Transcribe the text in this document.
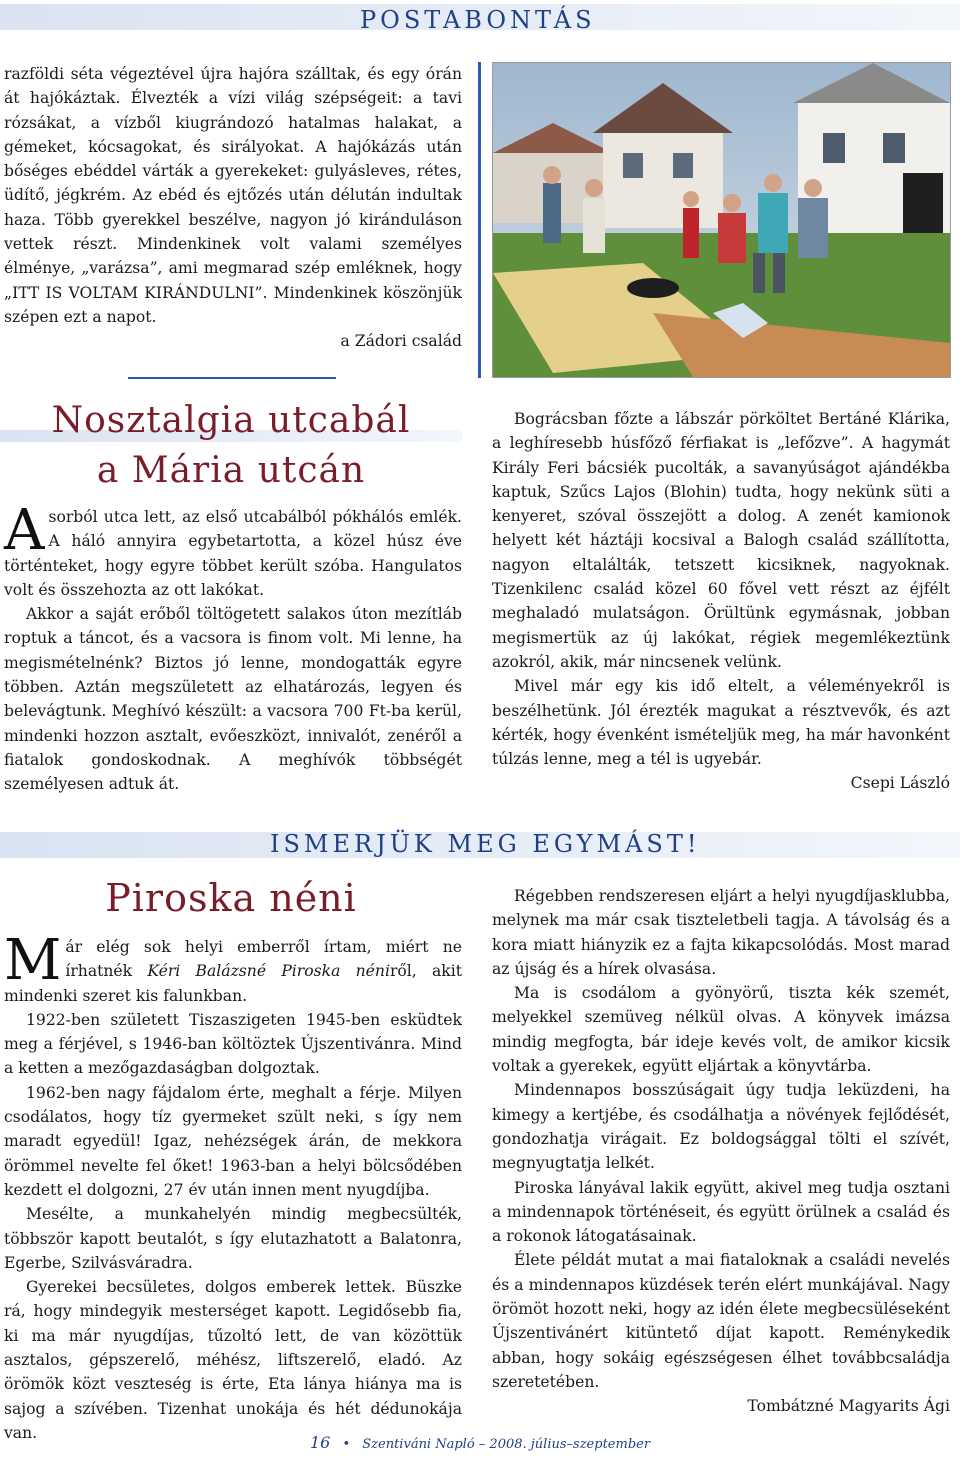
POSTABONTÁS

razföldi séta végeztével újra hajóra szálltak, és egy órán át hajókáztak. Élvezték a vízi világ szépségeit: a tavi rózsákat, a vízből kiugrándozó hatalmas halakat, a gémeket, kócsagokat, és sirályokat. A hajókázás után bőséges ebéddel várták a gyerekeket: gulyásleves, rétes, üdítő, jégkrém. Az ebéd és ejtőzés után délután indultak haza. Több gyerekkel beszélve, nagyon jó kiránduláson vettek részt. Mindenkinek volt valami személyes élménye, „varázsa”, ami megmarad szép emléknek, hogy „ITT IS VOLTAM KIRÁNDULNI”. Mindenkinek köszönjük szépen ezt a napot.

a Zádori család

Nosztalgia utcabál
a Mária utcán

Asorból utca lett, az első utcabálból pókhálós emlék. A háló annyira egybetartotta, a közel húsz éve történteket, hogy egyre többet került szóba. Hangulatos volt és összehozta az ott lakókat.

Akkor a saját erőből töltögetett salakos úton mezítláb roptuk a táncot, és a vacsora is finom volt. Mi lenne, ha megismételnénk? Biztos jó lenne, mondogatták egyre többen. Aztán megszületett az elhatározás, legyen és belevágtunk. Meghívó készült: a vacsora 700 Ft-ba kerül, mindenki hozzon asztalt, evőeszközt, innivalót, zenéről a fiatalok gondoskodnak. A meghívók többségét személyesen adtuk át.

Bográcsban főzte a lábszár pörköltet Bertáné Klárika, a leghíresebb húsfőző férfiakat is „lefőzve”. A hagymát Király Feri bácsiék pucolták, a savanyúságot ajándékba kaptuk, Szűcs Lajos (Blohin) tudta, hogy nekünk süti a kenyeret, szóval összejött a dolog. A zenét kamionok helyett két háztáji kocsival a Balogh család szállította, nagyon eltalálták, tetszett kicsiknek, nagyoknak. Tizenkilenc család közel 60 fővel vett részt az éjfélt meghaladó mulatságon. Örültünk egymásnak, jobban megismertük az új lakókat, régiek megemlékeztünk azokról, akik, már nincsenek velünk.

Mivel már egy kis idő eltelt, a véleményekről is beszélhetünk. Jól érezték magukat a résztvevők, és azt kérték, hogy évenként ismételjük meg, ha már havonként túlzás lenne, meg a tél is ugyebár.

Csepi László

ISMERJÜK MEG EGYMÁST!
Piroska néni

Már elég sok helyi emberről írtam, miért ne írhatnék Kéri Balázsné Piroska néniről, akit mindenki szeret kis falunkban.

1922-ben született Tiszaszigeten 1945-ben esküdtek meg a férjével, s 1946-ban költöztek Újszentivánra. Mind a ketten a mezőgazdaságban dolgoztak.

1962-ben nagy fájdalom érte, meghalt a férje. Milyen csodálatos, hogy tíz gyermeket szült neki, s így nem maradt egyedül! Igaz, nehézségek árán, de mekkora örömmel nevelte fel őket! 1963-ban a helyi bölcsődében kezdett el dolgozni, 27 év után innen ment nyugdíjba.

Mesélte, a munkahelyén mindig megbecsülték, többször kapott beutalót, s így elutazhatott a Balatonra, Egerbe, Szilvásváradra.

Gyerekei becsületes, dolgos emberek lettek. Büszke rá, hogy mindegyik mesterséget kapott. Legidősebb fia, ki ma már nyugdíjas, tűzoltó lett, de van közöttük asztalos, gépszerelő, méhész, liftszerelő, eladó. Az örömök közt veszteség is érte, Eta lánya hiánya ma is sajog a szívében. Tizenhat unokája és hét dédunokája van.

Régebben rendszeresen eljárt a helyi nyugdíjasklubba, melynek ma már csak tiszteletbeli tagja. A távolság és a kora miatt hiányzik ez a fajta kikapcsolódás. Most marad az újság és a hírek olvasása.

Ma is csodálom a gyönyörű, tiszta kék szemét, melyekkel szemüveg nélkül olvas. A könyvek imázsa mindig megfogta, bár ideje kevés volt, de amikor kicsik voltak a gyerekek, együtt eljártak a könyvtárba.

Mindennapos bosszúságait úgy tudja leküzdeni, ha kimegy a kertjébe, és csodálhatja a növények fejlődését, gondozhatja virágait. Ez boldogsággal tölti el szívét, megnyugtatja lelkét.

Piroska lányával lakik együtt, akivel meg tudja osztani a mindennapok történéseit, és együtt örülnek a család és a rokonok látogatásainak.

Élete példát mutat a mai fiataloknak a családi nevelés és a mindennapos küzdések terén elért munkájával. Nagy örömöt hozott neki, hogy az idén élete megbecsüléseként Újszentivánért kitüntető díjat kapott. Reménykedik abban, hogy sokáig egészségesen élhet továbbcsaládja szeretetében.

Tombátzné Magyarits Ági

16 • Szentiváni Napló – 2008. július–szeptember
